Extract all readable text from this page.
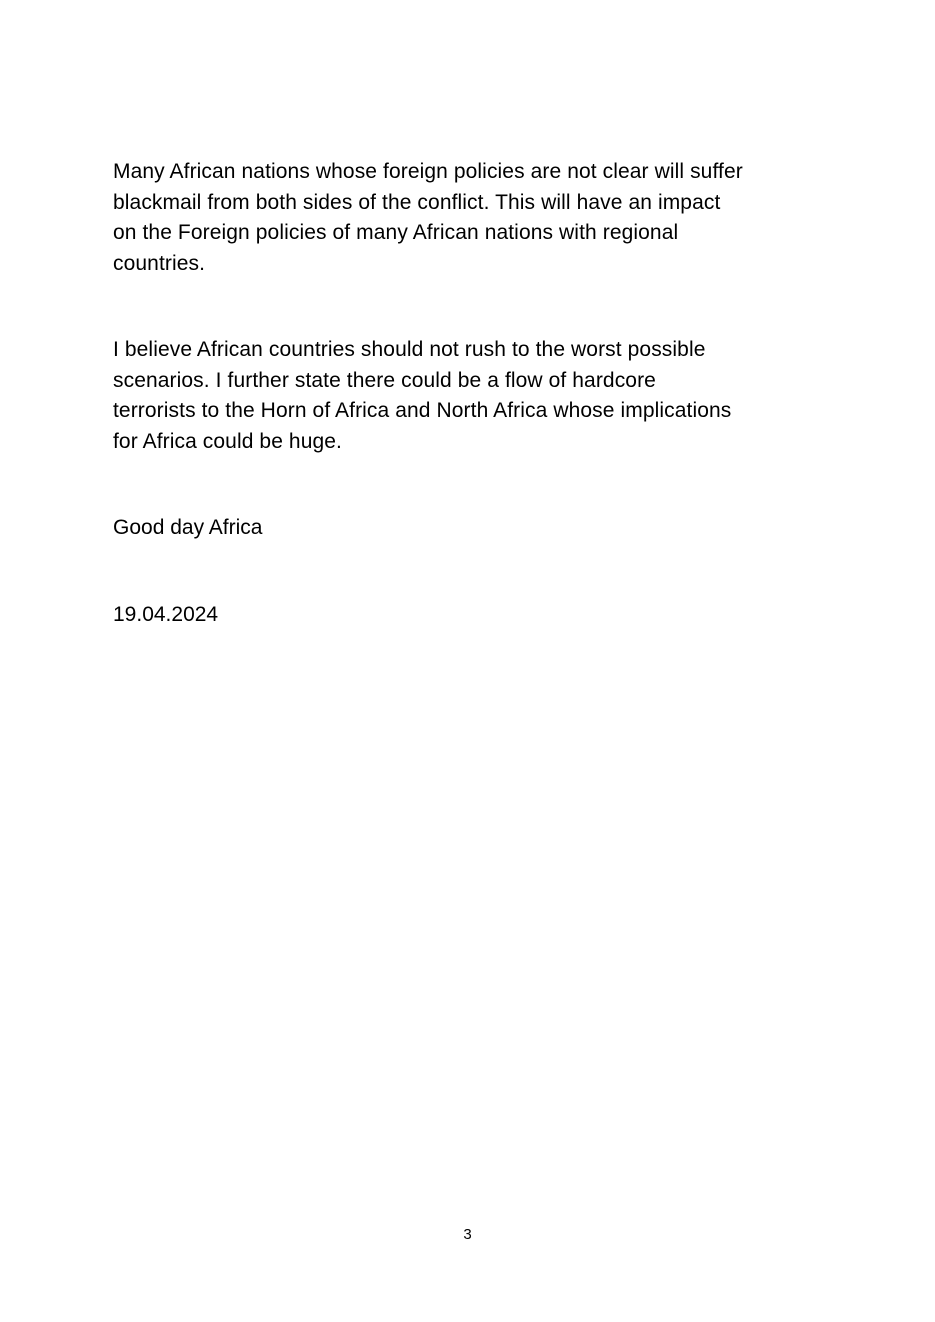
Many African nations whose foreign policies are not clear will suffer
blackmail from both sides of the conflict. This will have an impact
on the Foreign policies of many African nations with regional
countries.

I believe African countries should not rush to the worst possible
scenarios. I further state there could be a flow of hardcore
terrorists to the Horn of Africa and North Africa whose implications
for Africa could be huge.

Good day Africa

19.04.2024

3
